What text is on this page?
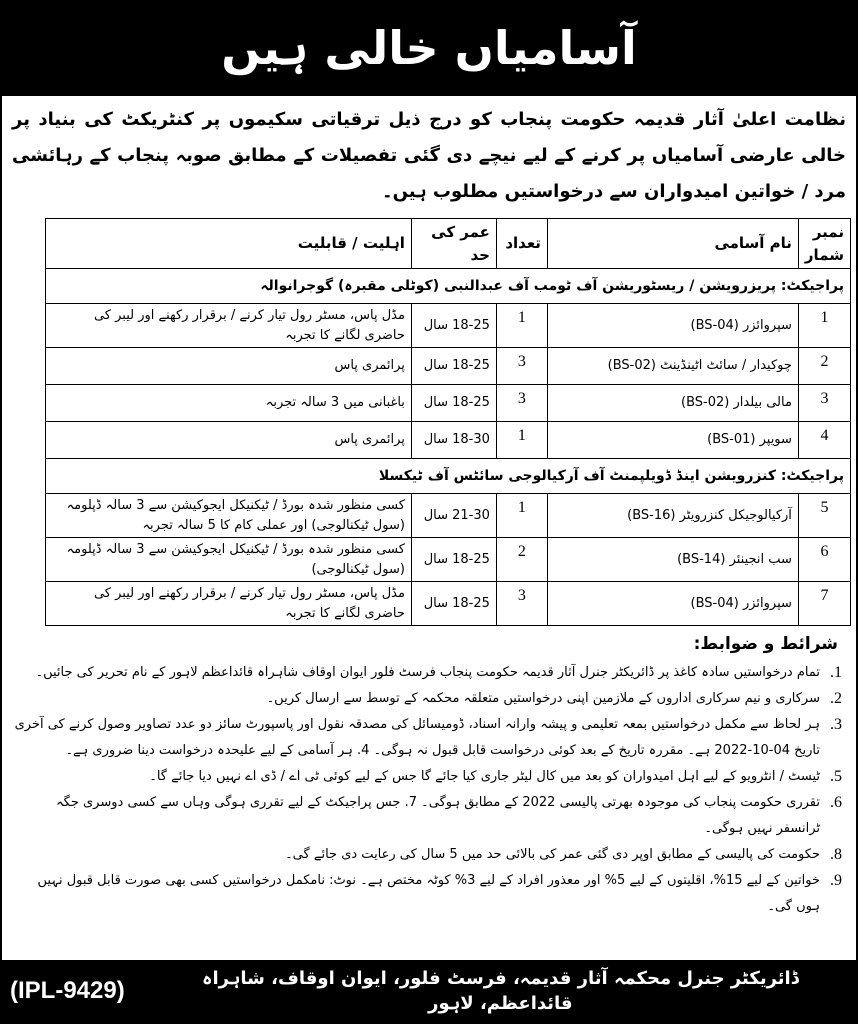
آسامیاں خالی ہیں
نظامت اعلیٰ آثار قدیمہ حکومت پنجاب کو درج ذیل ترقیاتی سکیموں پر کنٹریکٹ کی بنیاد پر خالی عارضی آسامیاں پر کرنے کے لیے نیچے دی گئی تفصیلات کے مطابق صوبہ پنجاب کے رہائشی مرد / خواتین امیدواران سے درخواستیں مطلوب ہیں۔
نمبر شمار	نام آسامی	تعداد	عمر کی حد	اہلیت / قابلیت
پراجیکٹ: پریزرویشن / ریسٹوریشن آف ٹومب آف عبدالنبی (کوٹلی مقبرہ) گوجرانوالہ				
1	سپروائزر (BS-04)	1	18-25 سال	مڈل پاس، مسٹر رول تیار کرنے / برقرار رکھنے اور لیبر کی حاضری لگانے کا تجربہ
2	چوکیدار / سائٹ اٹینڈینٹ (BS-02)	3	18-25 سال	پرائمری پاس
3	مالی بیلدار (BS-02)	3	18-25 سال	باغبانی میں 3 سالہ تجربہ
4	سویپر (BS-01)	1	18-30 سال	پرائمری پاس
پراجیکٹ: کنزرویشن اینڈ ڈویلپمنٹ آف آرکیالوجی سائٹس آف ٹیکسلا				
5	آرکیالوجیکل کنزرویٹر (BS-16)	1	21-30 سال	کسی منظور شدہ بورڈ / ٹیکنیکل ایجوکیشن سے 3 سالہ ڈپلومہ (سول ٹیکنالوجی) اور عملی کام کا 5 سالہ تجربہ
6	سب انجینئر (BS-14)	2	18-25 سال	کسی منظور شدہ بورڈ / ٹیکنیکل ایجوکیشن سے 3 سالہ ڈپلومہ (سول ٹیکنالوجی)
7	سپروائزر (BS-04)	3	18-25 سال	مڈل پاس، مسٹر رول تیار کرنے / برقرار رکھنے اور لیبر کی حاضری لگانے کا تجربہ
شرائط و ضوابط:
1.
تمام درخواستیں سادہ کاغذ پر ڈائریکٹر جنرل آثار قدیمہ حکومت پنجاب فرسٹ فلور ایوان اوقاف شاہراہ قائداعظم لاہور کے نام تحریر کی جائیں۔
2.
سرکاری و نیم سرکاری اداروں کے ملازمین اپنی درخواستیں متعلقہ محکمہ کے توسط سے ارسال کریں۔
3.
ہر لحاظ سے مکمل درخواستیں بمعہ تعلیمی و پیشہ وارانہ اسناد، ڈومیسائل کی مصدقہ نقول اور پاسپورٹ سائز دو عدد تصاویر وصول کرنے کی آخری تاریخ 04-10-2022 ہے۔ مقررہ تاریخ کے بعد کوئی درخواست قابل قبول نہ ہوگی۔ 4. ہر آسامی کے لیے علیحدہ درخواست دینا ضروری ہے۔
5.
ٹیسٹ / انٹرویو کے لیے اہل امیدواران کو بعد میں کال لیٹر جاری کیا جائے گا جس کے لیے کوئی ٹی اے / ڈی اے نہیں دیا جائے گا۔
6.
تقرری حکومت پنجاب کی موجودہ بھرتی پالیسی 2022 کے مطابق ہوگی۔ 7. جس پراجیکٹ کے لیے تقرری ہوگی وہاں سے کسی دوسری جگہ ٹرانسفر نہیں ہوگی۔
8.
حکومت کی پالیسی کے مطابق اوپر دی گئی عمر کی بالائی حد میں 5 سال کی رعایت دی جائے گی۔
9.
خواتین کے لیے 15%، اقلیتوں کے لیے 5% اور معذور افراد کے لیے 3% کوٹہ مختص ہے۔ نوٹ: نامکمل درخواستیں کسی بھی صورت قابل قبول نہیں ہوں گی۔
(IPL-9429)	ڈائریکٹر جنرل محکمہ آثار قدیمہ، فرسٹ فلور، ایوان اوقاف، شاہراہ قائداعظم، لاہور
